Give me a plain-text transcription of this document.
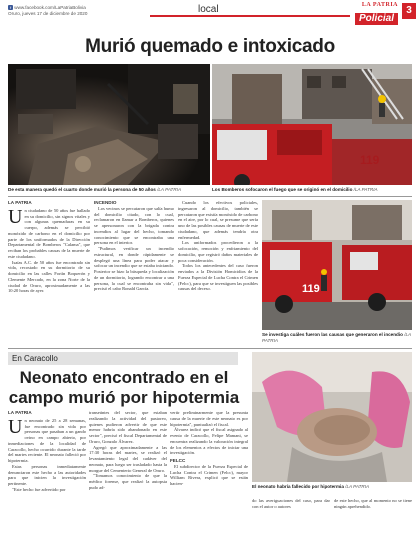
f www.facebook.com/LaPatriaBolivia
Oruro, jueves 17 de diciembre de 2020	local	LA PATRIA
Policial
3
Murió quemado e intoxicado
De esta manera quedó el cuarto donde murió la persona de 50 años /LA PATRIA	Los Bomberos sofocaron el fuego que se originó en el domicilio /LA PATRIA
LA PATRIA

Un ciudadano de 50 años fue hallado en su domicilio, sin signos vitales y con algunas quemaduras en su cuerpo, además se percibió monóxido de carbono en el domicilio por parte de los uniformados de la Dirección Departamental de Bomberos "Calama", que reciban los probables causas de la muerte de este ciudadano.

Isaías A.C. de 50 años fue encontrado sin vida, recostado en su dormitorio de su domicilio en las calles Fortín Boquerón y Clemente Mercado, en la zona Norte de la ciudad de Oruro, aproximadamente a las 10:20 horas de ayer.

INCENDIO

Los vecinos se percataron que salía humo del domicilio citado, con lo cual, reclamaron en llamar a Bomberos, quienes se apersonaron con la brigada contra incendios al lugar del hecho, tomando conocimiento que se encontraba una persona en el interior.

"Pudimos verificar un incendio estructural, en donde rápidamente se desplegó una línea para poder atacar y sofocar un incendio que se estaba iniciando. Posterior se hizo la búsqueda y localización de un dormitorio, logrando encontrar a una persona, la cual se encontraba sin vida", precisó el cabo Ronald García.

Cuando los efectivos policiales, ingresaron al domicilio, también se percataron que existía monóxido de carbono en el aire, por lo cual, se presume que sería uno de las posibles causas de muerte de este ciudadano, que además tendría otra enfermedad.

Los uniformados procedieron a la sofocación, remoción y enfriamiento del domicilio, que registró daños materiales de poca consideración.

Todos los antecedentes del caso fueron enviados a la División Homicidios de la Fuerza Especial de Lucha Contra el Crimen (Felcc), para que se investiguen las posibles causas del deceso.	119
Se investiga cuáles fueron las causas que generaron el incendio /LA PATRIA
En Caracollo
Neonato encontrado en el campo murió por hipotermia
El neonato habría fallecido por hipotermia /LA PATRIA
LA PATRIA

Un neonato de 25 a 28 semanas, fue encontrado sin vida por personas que pasaban a un gando ovino en campo abierto, por inmediaciones de la localidad de Caracollo, hecho ocurrido durante la tarde del martes reciente. El neonato falleció por hipotermia.

Estas personas inmediatamente denunciaron este hecho a las autoridades para que inicien la investigación pertinente.

"Este hecho fue advertido por

transeúntes del sector, que estaban realizando la actividad del pastoreo, quienes pudieron advertir de que este menor habría sido abandonado en este sector", precisó el fiscal Departamental de Oruro, Gonzalo Álvarez.

Agregó que aproximadamente a las 17:30 horas del martes, se realizó el levantamiento legal del cadáver del neonato, para luego ser trasladado hasta la morgue del Cementerio General de Oruro.

"Tomamos conocimiento de que la médico forense, que realizó la autopsia pudo ad-

vertir preliminarmente que la presunta causa de la muerte de este neonato es por hipotermia", puntualizó el fiscal.

Álvarez indicó que el fiscal asignado al evento de Caracollo, Felipe Mamani, se encuentra realizando la valoración integral de los elementos a efectos de iniciar una investigación.

FELCC

El subdirector de la Fuerza Especial de Lucha Contra el Crimen (Felcc), mayor William Rivera, explicó que se están hacien-

do las averiguaciones del caso, para dar con el autor o autores

de este hecho, que al momento no se tiene ningún aprehendido.
